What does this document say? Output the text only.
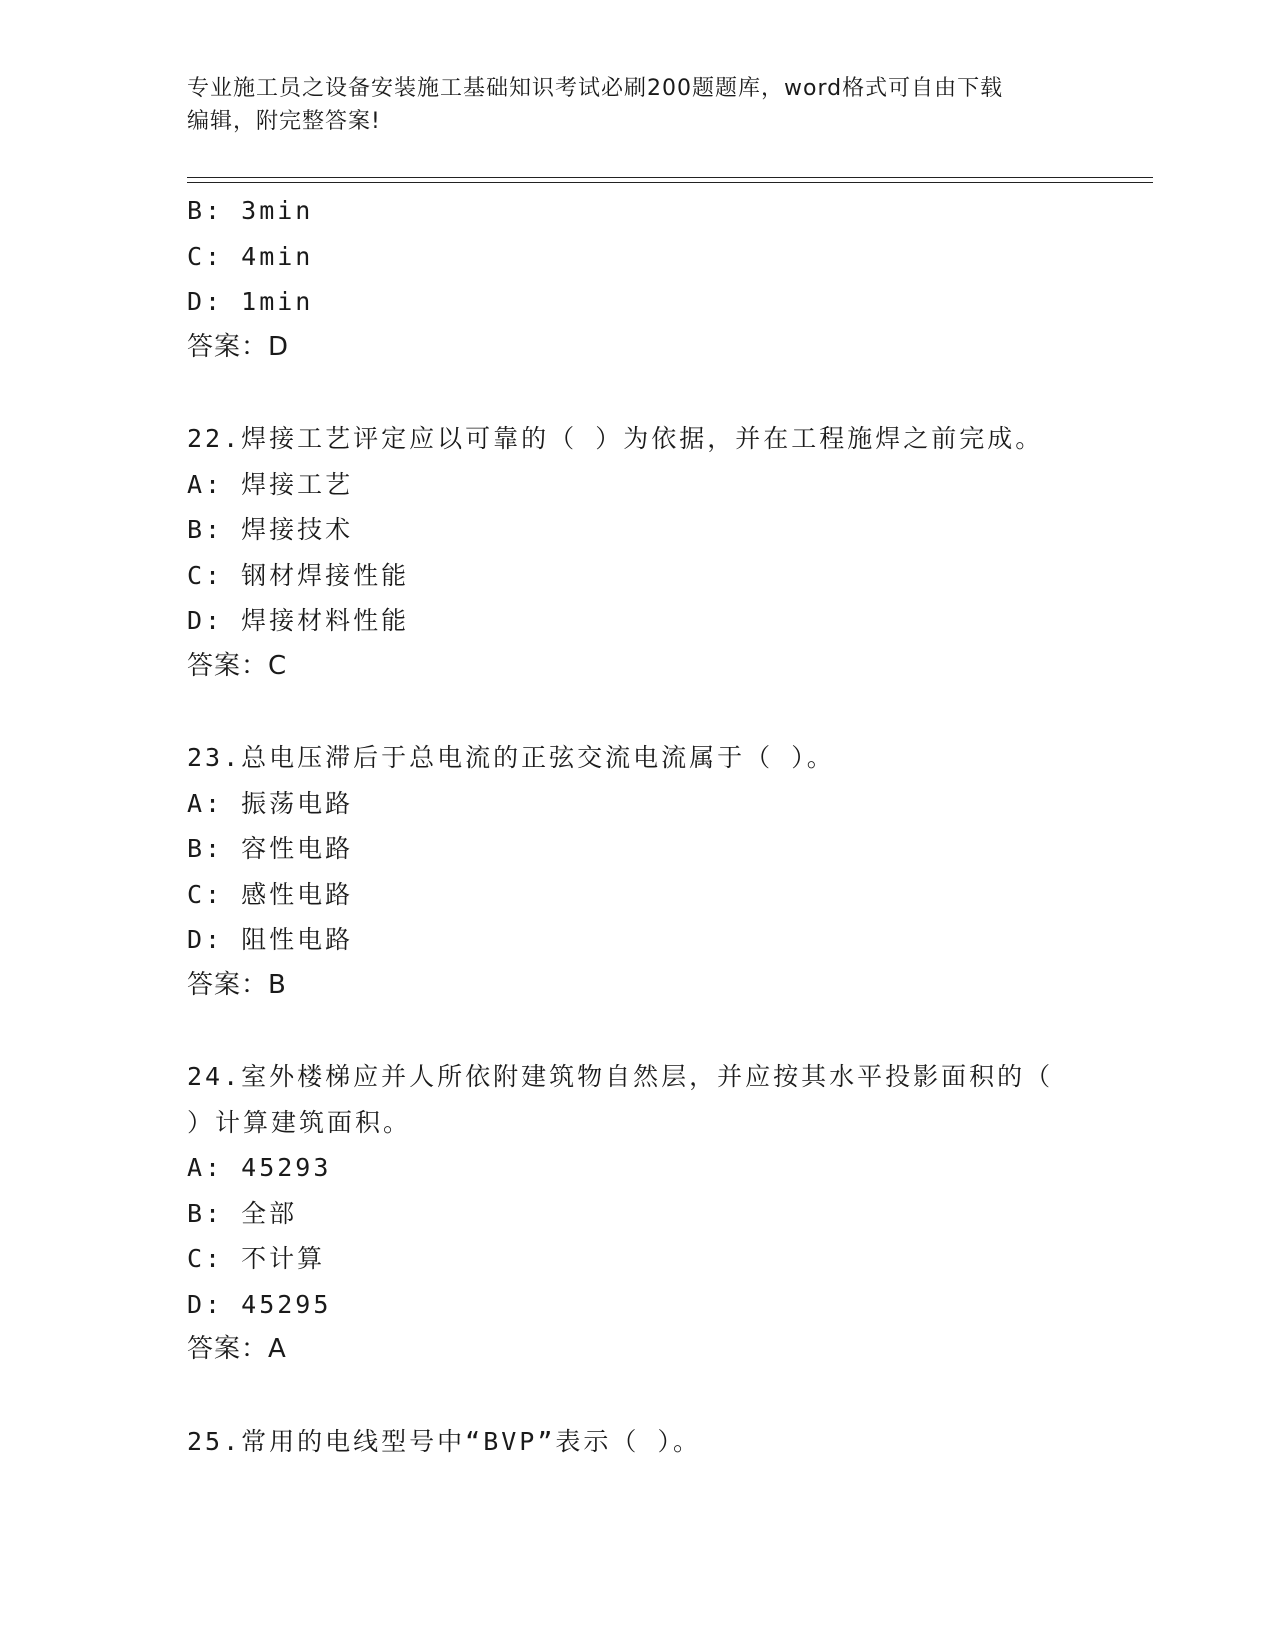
专业施工员之设备安装施工基础知识考试必刷200题题库，word格式可自由下载
编辑，附完整答案!
B: 3min
C: 4min
D: 1min
答案：D
22.焊接工艺评定应以可靠的（ ）为依据，并在工程施焊之前完成。
A: 焊接工艺
B: 焊接技术
C: 钢材焊接性能
D: 焊接材料性能
答案：C
23.总电压滞后于总电流的正弦交流电流属于（ ）。
A: 振荡电路
B: 容性电路
C: 感性电路
D: 阻性电路
答案：B
24.室外楼梯应并人所依附建筑物自然层，并应按其水平投影面积的（
）计算建筑面积。
A: 45293
B: 全部
C: 不计算
D: 45295
答案：A
25.常用的电线型号中“BVP”表示（ ）。
